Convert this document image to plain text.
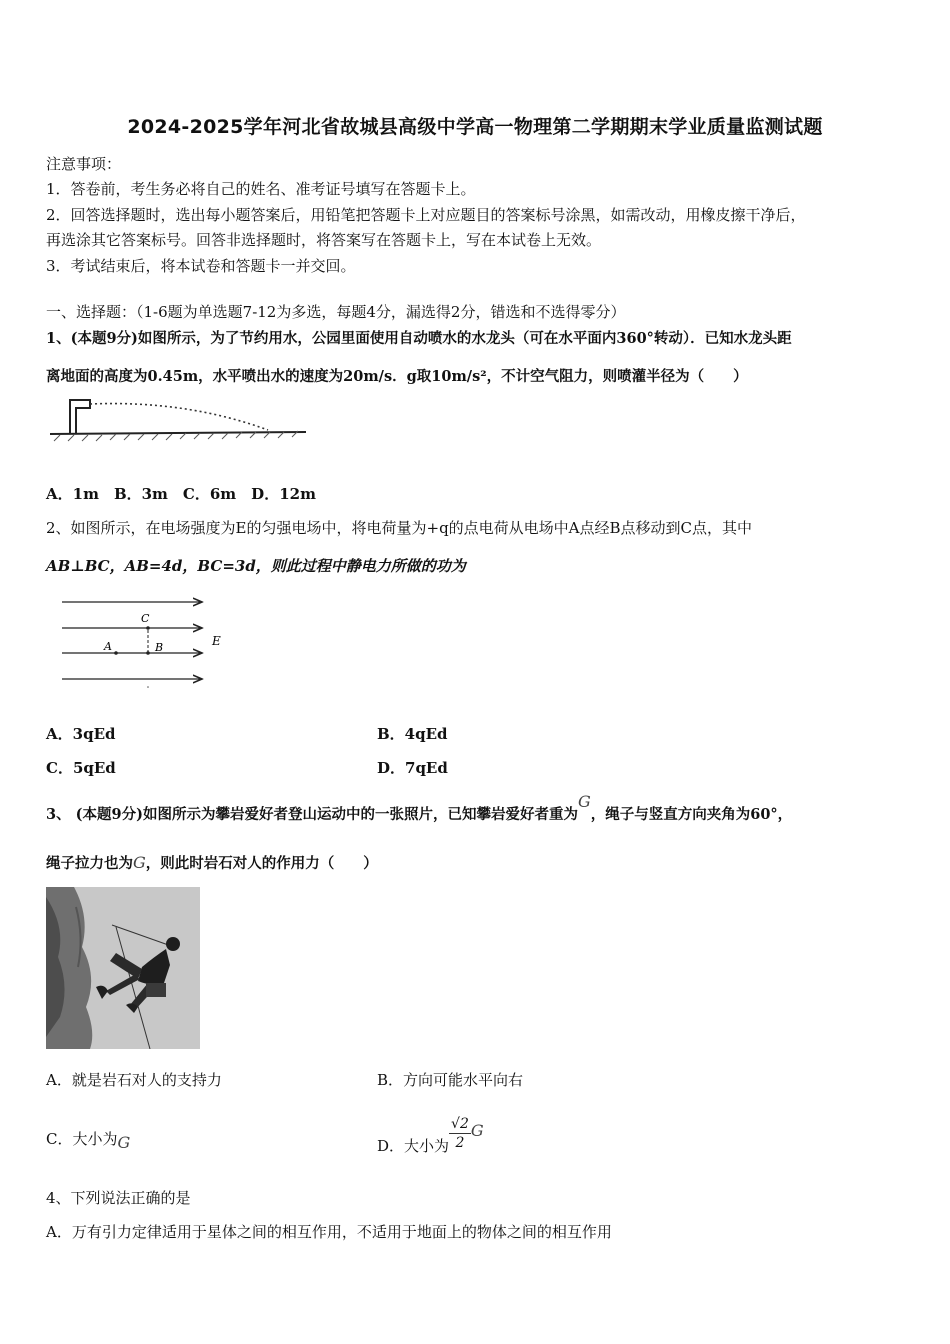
2024-2025学年河北省故城县高级中学高一物理第二学期期末学业质量监测试题
注意事项：
1．答卷前，考生务必将自己的姓名、准考证号填写在答题卡上。
2．回答选择题时，选出每小题答案后，用铅笔把答题卡上对应题目的答案标号涂黑，如需改动，用橡皮擦干净后，
再选涂其它答案标号。回答非选择题时，将答案写在答题卡上，写在本试卷上无效。
3．考试结束后，将本试卷和答题卡一并交回。
一、选择题：（1-6题为单选题7-12为多选，每题4分，漏选得2分，错选和不选得零分）
1、(本题9分)如图所示，为了节约用水，公园里面使用自动喷水的水龙头（可在水平面内360°转动）．已知水龙头距
离地面的高度为0.45m，水平喷出水的速度为20m/s．g取10m/s²，不计空气阻力，则喷灌半径为（　　）
A．1m　B．3m　C．6m　D．12m
2、如图所示，在电场强度为E的匀强电场中，将电荷量为+q的点电荷从电场中A点经B点移动到C点，其中
AB⊥BC，AB=4d，BC=3d，则此过程中静电力所做的功为
A	B
C
E
A．3qEd	B．4qEd
C．5qEd	D．7qEd
3、 (本题9分)如图所示为攀岩爱好者登山运动中的一张照片，已知攀岩爱好者重为G，绳子与竖直方向夹角为60°，
绳子拉力也为G，则此时岩石对人的作用力（　　）
A．就是岩石对人的支持力	B．方向可能水平向右
C．大小为G	D．大小为 $\frac{√2}{2}$ G
4、下列说法正确的是
A．万有引力定律适用于星体之间的相互作用，不适用于地面上的物体之间的相互作用
